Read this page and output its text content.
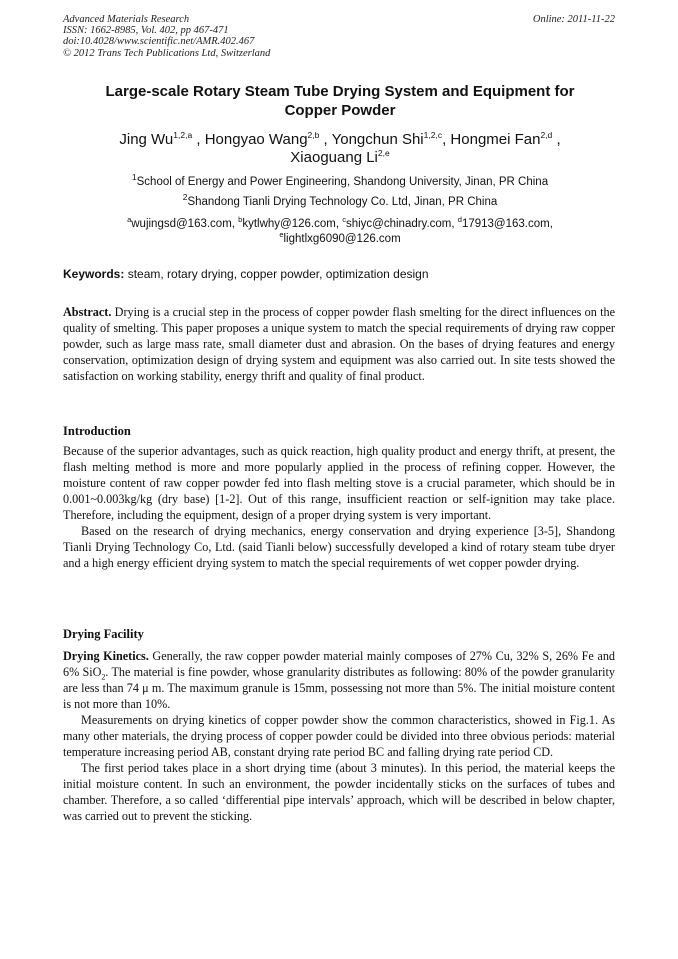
Advanced Materials Research
ISSN: 1662-8985, Vol. 402, pp 467-471
doi:10.4028/www.scientific.net/AMR.402.467
© 2012 Trans Tech Publications Ltd, Switzerland
Online: 2011-11-22
Large-scale Rotary Steam Tube Drying System and Equipment for
Copper Powder
Jing Wu$^{1,2,a}$ , Hongyao Wang$^{2,b}$ , Yongchun Shi$^{1,2,c}$, Hongmei Fan$^{2,d}$ ,
Xiaoguang Li$^{2,e}$
$^1$School of Energy and Power Engineering, Shandong University, Jinan, PR China
$^2$Shandong Tianli Drying Technology Co. Ltd, Jinan, PR China
$^a$wujingsd@163.com, $^b$kytlwhy@126.com, $^c$shiyc@chinadry.com, $^d$17913@163.com,
$^e$lightlxg6090@126.com
Keywords: steam, rotary drying, copper powder, optimization design

Abstract. Drying is a crucial step in the process of copper powder flash smelting for the direct influences on the quality of smelting. This paper proposes a unique system to match the special requirements of drying raw copper powder, such as large mass rate, small diameter dust and abrasion. On the bases of drying features and energy conservation, optimization design of drying system and equipment was also carried out. In site tests showed the satisfaction on working stability, energy thrift and quality of final product.

Introduction

Because of the superior advantages, such as quick reaction, high quality product and energy thrift, at present, the flash melting method is more and more popularly applied in the process of refining copper. However, the moisture content of raw copper powder fed into flash melting stove is a crucial parameter, which should be in 0.001~0.003kg/kg (dry base) [1-2]. Out of this range, insufficient reaction or self-ignition may take place. Therefore, including the equipment, design of a proper drying system is very important.

Based on the research of drying mechanics, energy conservation and drying experience [3-5], Shandong Tianli Drying Technology Co, Ltd. (said Tianli below) successfully developed a kind of rotary steam tube dryer and a high energy efficient drying system to match the special requirements of wet copper powder drying.

Drying Facility

Drying Kinetics. Generally, the raw copper powder material mainly composes of 27% Cu, 32% S, 26% Fe and 6% SiO$_2$. The material is fine powder, whose granularity distributes as following: 80% of the powder granularity are less than 74 μ m. The maximum granule is 15mm, possessing not more than 5%. The initial moisture content is not more than 10%.

Measurements on drying kinetics of copper powder show the common characteristics, showed in Fig.1. As many other materials, the drying process of copper powder could be divided into three obvious periods: material temperature increasing period AB, constant drying rate period BC and falling drying rate period CD.

The first period takes place in a short drying time (about 3 minutes). In this period, the material keeps the initial moisture content. In such an environment, the powder incidentally sticks on the surfaces of tubes and chamber. Therefore, a so called ‘differential pipe intervals’ approach, which will be described in below chapter, was carried out to prevent the sticking.
